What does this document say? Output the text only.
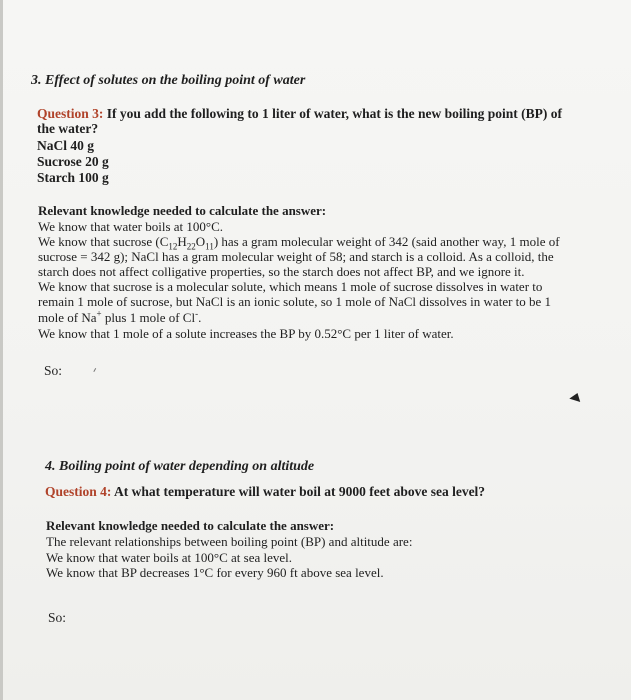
3. Effect of solutes on the boiling point of water
Question 3: If you add the following to 1 liter of water, what is the new boiling point (BP) of
the water?
NaCl 40 g
Sucrose 20 g
Starch 100 g
Relevant knowledge needed to calculate the answer:
We know that water boils at 100°C.
We know that sucrose $(C_{12}H_{22}O_{11})$ has a gram molecular weight of 342 (said another way, 1 mole of
sucrose = 342 g); NaCl has a gram molecular weight of 58; and starch is a colloid. As a colloid, the
starch does not affect colligative properties, so the starch does not affect BP, and we ignore it.
We know that sucrose is a molecular solute, which means 1 mole of sucrose dissolves in water to
remain 1 mole of sucrose, but NaCl is an ionic solute, so 1 mole of NaCl dissolves in water to be 1
mole of Na+ plus 1 mole of Cl-.
We know that 1 mole of a solute increases the BP by 0.52°C per 1 liter of water.
So:
4. Boiling point of water depending on altitude
Question 4: At what temperature will water boil at 9000 feet above sea level?
Relevant knowledge needed to calculate the answer:
The relevant relationships between boiling point (BP) and altitude are:
We know that water boils at 100°C at sea level.
We know that BP decreases 1°C for every 960 ft above sea level.
So:
